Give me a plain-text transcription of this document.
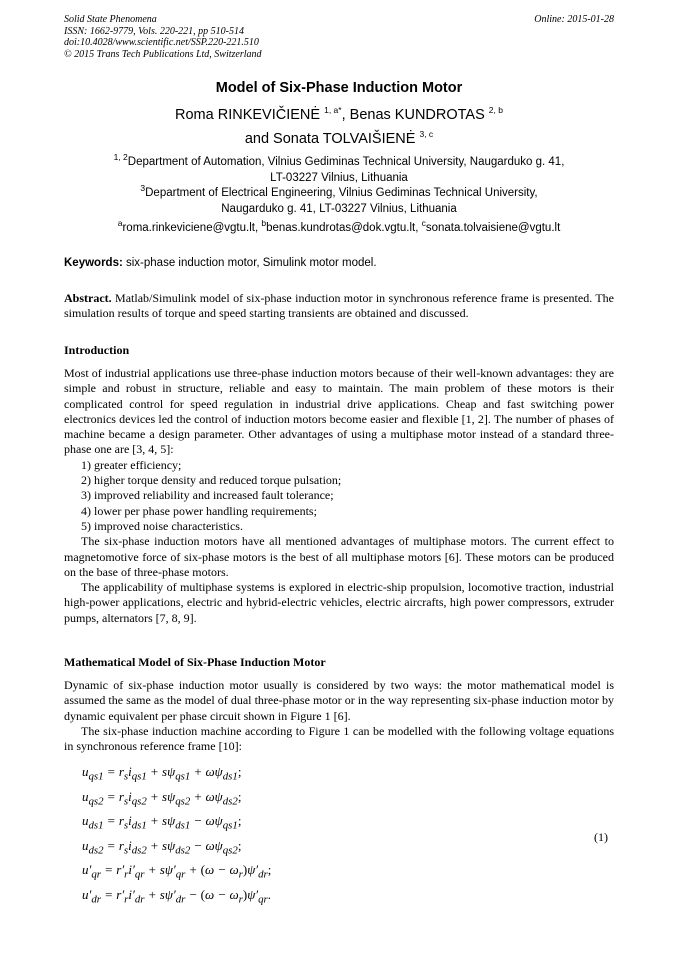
Solid State Phenomena
ISSN: 1662-9779, Vols. 220-221, pp 510-514
doi:10.4028/www.scientific.net/SSP.220-221.510
© 2015 Trans Tech Publications Ltd, Switzerland
Online: 2015-01-28
Model of Six-Phase Induction Motor
Roma RINKEVIČIENĖ $^{1, a*}$, Benas KUNDROTAS $^{2, b}$
and Sonata TOLVAIŠIENĖ $^{3, c}$
$^{1, 2}$Department of Automation, Vilnius Gediminas Technical University, Naugarduko g. 41,
LT-03227 Vilnius, Lithuania
$^3$Department of Electrical Engineering, Vilnius Gediminas Technical University,
Naugarduko g. 41, LT-03227 Vilnius, Lithuania
$^a$roma.rinkeviciene@vgtu.lt, $^b$benas.kundrotas@dok.vgtu.lt, $^c$sonata.tolvaisiene@vgtu.lt
Keywords: six-phase induction motor, Simulink motor model.

Abstract. Matlab/Simulink model of six-phase induction motor in synchronous reference frame is presented. The simulation results of torque and speed starting transients are obtained and discussed.

Introduction

Most of industrial applications use three-phase induction motors because of their well-known advantages: they are simple and robust in structure, reliable and easy to maintain. The main problem of these motors is their complicated control for speed regulation in industrial drive applications. Cheap and fast switching power electronics devices led the control of induction motors become easier and flexible [1, 2]. The number of phases of machine became a design parameter. Other advantages of using a multiphase motor instead of a standard three-phase one are [3, 4, 5]:

1) greater efficiency;
2) higher torque density and reduced torque pulsation;
3) improved reliability and increased fault tolerance;
4) lower per phase power handling requirements;
5) improved noise characteristics.

The six-phase induction motors have all mentioned advantages of multiphase motors. The current effect to magnetomotive force of six-phase motors is the best of all multiphase motors [6]. These motors can be produced on the base of three-phase motors.

The applicability of multiphase systems is explored in electric-ship propulsion, locomotive traction, industrial high-power applications, electric and hybrid-electric vehicles, electric aircrafts, high power compressors, extruder pumps, alternators [7, 8, 9].

Mathematical Model of Six-Phase Induction Motor

Dynamic of six-phase induction motor usually is considered by two ways: the motor mathematical model is assumed the same as the model of dual three-phase motor or in the way representing six-phase induction motor by dynamic equivalent per phase circuit shown in Figure 1 [6].

The six-phase induction machine according to Figure 1 can be modelled with the following voltage equations in synchronous reference frame [10]:

$u_{qs1} = r_si_{qs1} + s\psi_{qs1} + \omega\psi_{ds1}$;
$u_{qs2} = r_si_{qs2} + s\psi_{qs2} + \omega\psi_{ds2}$;
$u_{ds1} = r_si_{ds1} + s\psi_{ds1} - \omega\psi_{qs1}$;
$u_{ds2} = r_si_{ds2} + s\psi_{ds2} - \omega\psi_{qs2}$;
$u'_{qr} = r'_ri'_{qr} + s\psi'_{qr} + (\omega - \omega_r)\psi'_{dr}$;
$u'_{dr} = r'_ri'_{dr} + s\psi'_{dr} - (\omega - \omega_r)\psi'_{qr}$.
(1)
